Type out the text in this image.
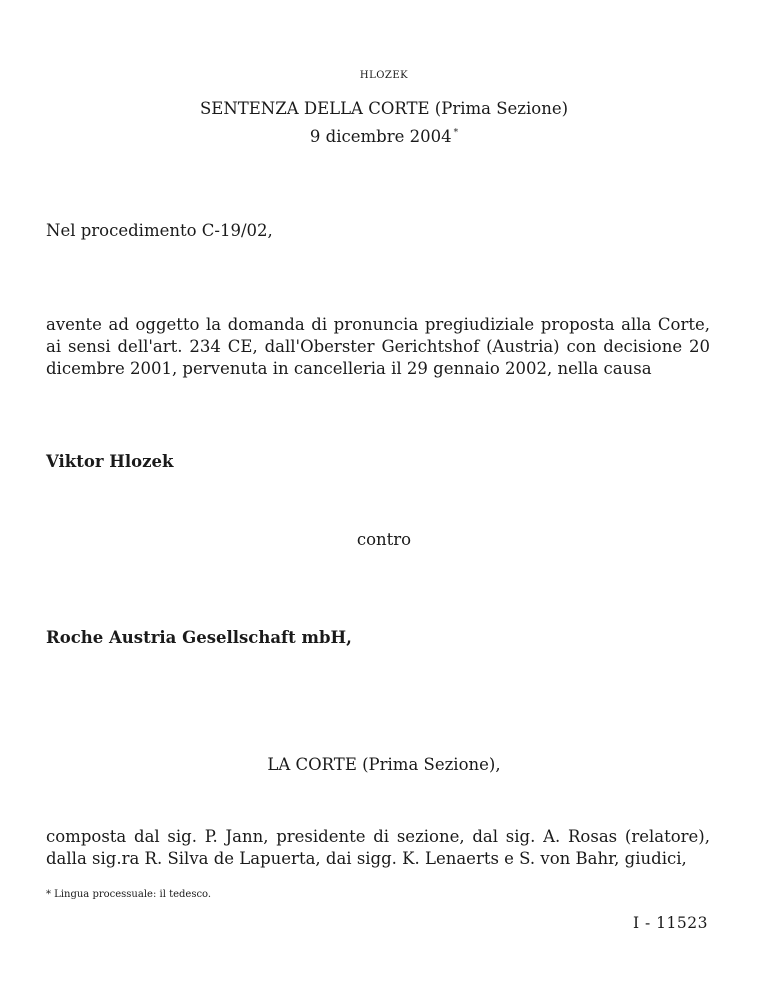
HLOZEK
SENTENZA DELLA CORTE (Prima Sezione)
9 dicembre 2004 *
Nel procedimento C-19/02,
avente ad oggetto la domanda di pronuncia pregiudiziale proposta alla Corte, ai sensi dell'art. 234 CE, dall'Oberster Gerichtshof (Austria) con decisione 20 dicembre 2001, pervenuta in cancelleria il 29 gennaio 2002, nella causa
Viktor Hlozek
contro
Roche Austria Gesellschaft mbH,
LA CORTE (Prima Sezione),
composta dal sig. P. Jann, presidente di sezione, dal sig. A. Rosas (relatore), dalla sig.ra R. Silva de Lapuerta, dai sigg. K. Lenaerts e S. von Bahr, giudici,
* Lingua processuale: il tedesco.
I - 11523
